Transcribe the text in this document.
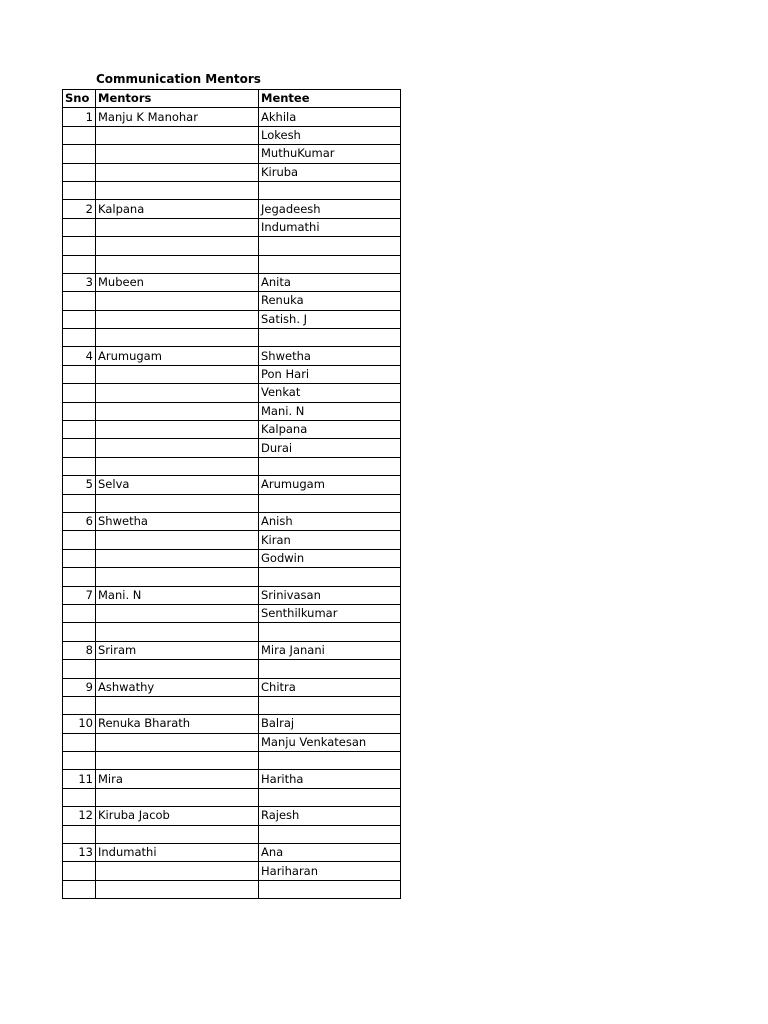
Communication Mentors
Sno	Mentors	Mentee
1	Manju K Manohar	Akhila
		Lokesh
		MuthuKumar
		Kiruba

2	Kalpana	Jegadeesh
		Indumathi

3	Mubeen	Anita
		Renuka
		Satish. J

4	Arumugam	Shwetha
		Pon Hari
		Venkat
		Mani. N
		Kalpana
		Durai

5	Selva	Arumugam

6	Shwetha	Anish
		Kiran
		Godwin

7	Mani. N	Srinivasan
		Senthilkumar

8	Sriram	Mira Janani

9	Ashwathy	Chitra

10	Renuka Bharath	Balraj
		Manju Venkatesan

11	Mira	Haritha

12	Kiruba Jacob	Rajesh

13	Indumathi	Ana
		Hariharan
